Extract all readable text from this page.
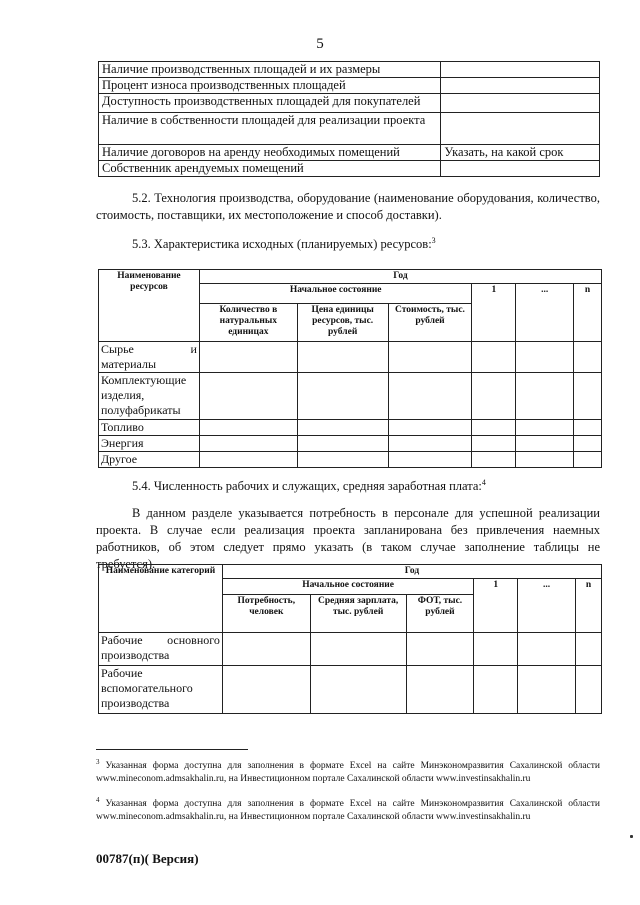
5
Наличие производственных площадей и их размеры	
Процент износа производственных площадей	
Доступность производственных площадей для покупателей	
Наличие в собственности площадей для реализации проекта	
Наличие договоров на аренду необходимых помещений	Указать, на какой срок
Собственник арендуемых помещений	
5.2. Технология производства, оборудование (наименование оборудования, количество, стоимость, поставщики, их местоположение и способ доставки).
5.3. Характеристика исходных (планируемых) ресурсов:$^3$
Наименование ресурсов	Год					
	Начальное состояние			1	...	n
	Количество в натуральных единицах	Цена единицы ресурсов, тыс. рублей	Стоимость, тыс. рублей			
Сырье и материалы						
Комплектующие изделия, полуфабрикаты						
Топливо						
Энергия						
Другое						
5.4. Численность рабочих и служащих, средняя заработная плата:$^4$
В данном разделе указывается потребность в персонале для успешной реализации проекта. В случае если реализация проекта запланирована без привлечения наемных работников, об этом следует прямо указать (в таком случае заполнение таблицы не требуется).
Наименование категорий	Год					
	Начальное состояние			1	...	n
	Потребность, человек	Средняя зарплата, тыс. рублей	ФОТ, тыс. рублей			
Рабочие основного производства						
Рабочие вспомогательного производства						
$^3$ Указанная форма доступна для заполнения в формате Excel на сайте Минэкономразвития Сахалинской области www.mineconom.admsakhalin.ru, на Инвестиционном портале Сахалинской области www.investinsakhalin.ru
$^4$ Указанная форма доступна для заполнения в формате Excel на сайте Минэкономразвития Сахалинской области www.mineconom.admsakhalin.ru, на Инвестиционном портале Сахалинской области www.investinsakhalin.ru
00787(п)( Версия)
